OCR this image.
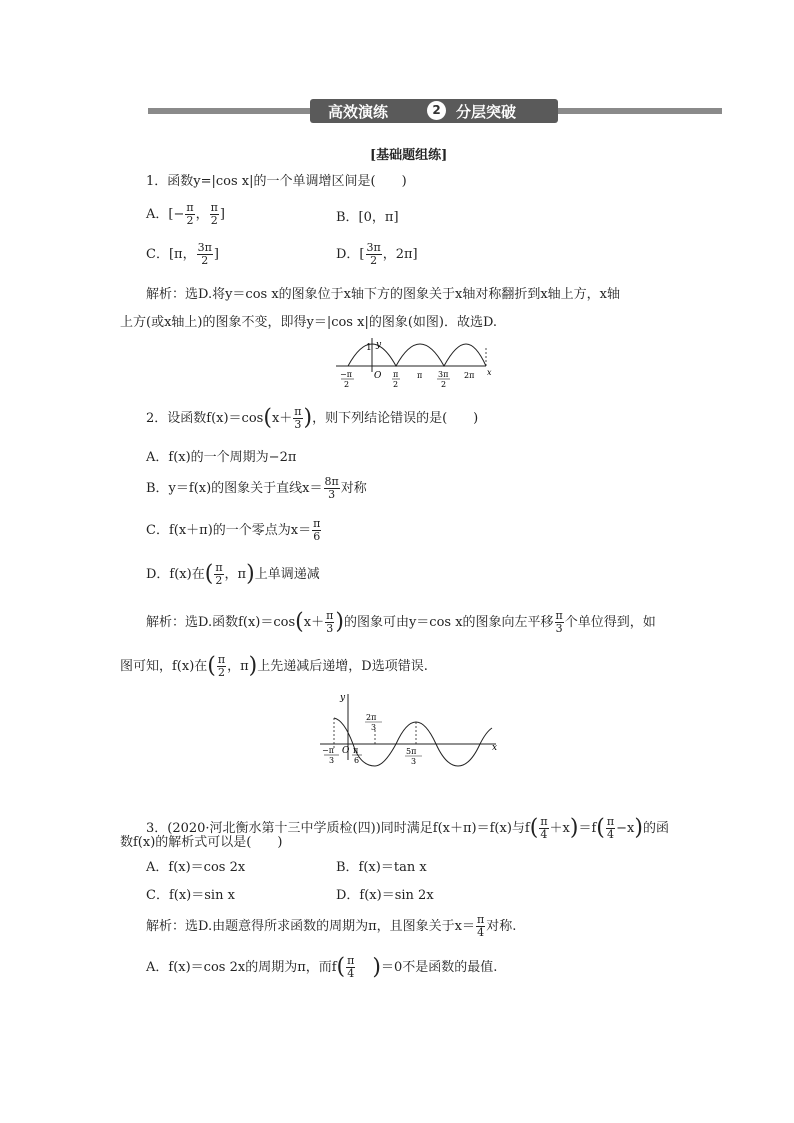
高效演练	2	分层突破
[基础题组练]
1．函数y=|cos x|的一个单调增区间是(　　)
A．[− $\frac{\pi}{2}$ ， $\frac{\pi}{2}$ ]	B．[0，π]
C．[π， $\frac{3\pi}{2}$ ]	D．[ $\frac{3\pi}{2}$ ，2π]
解析：选D.将y＝cos x的图象位于x轴下方的图象关于x轴对称翻折到x轴上方，x轴
上方(或x轴上)的图象不变，即得y＝|cos x|的图象(如图)．故选D.
y
1
O	x
−π
2
π
2
π 3π
2
2π
2．设函数$f(x)=\cos(x+ \frac{\pi}{3}$ )，则下列结论错误的是(　　)
A．f(x)的一个周期为−2π
B．y＝f(x)的图象关于直线$x= \frac{8\pi}{3}$ 对称
C．f(x＋π)的一个零点为$x= \frac{\pi}{6}$
D．f(x)在( $\frac{\pi}{2}$ ，π)上单调递减
解析：选D.函数$f(x)=\cos(x+ \frac{\pi}{3}$ )的图象可由y＝cos x的图象向左平移 $\frac{\pi}{3}$ 个单位得到，如
图可知，f(x)在( $\frac{\pi}{2}$ ，π)上先递减后递增，D选项错误.
y
O	x
−π
3
π
6
2π
3
5π
3
3．(2020·河北衡水第十三中学质检(四))同时满足f(x＋π)＝f(x)与$f( \frac{\pi}{4} +x)=f( \frac{\pi}{4} -x)$的函
数f(x)的解析式可以是(　　)
A．f(x)＝cos 2x	B．f(x)＝tan x
C．f(x)＝sin x	D．f(x)＝sin 2x
解析：选D.由题意得所求函数的周期为π，且图象关于$x= \frac{\pi}{4}$ 对称.
A．f(x)＝cos 2x的周期为π，而$f( \frac{\pi}{4} )=0$不是函数的最值.
